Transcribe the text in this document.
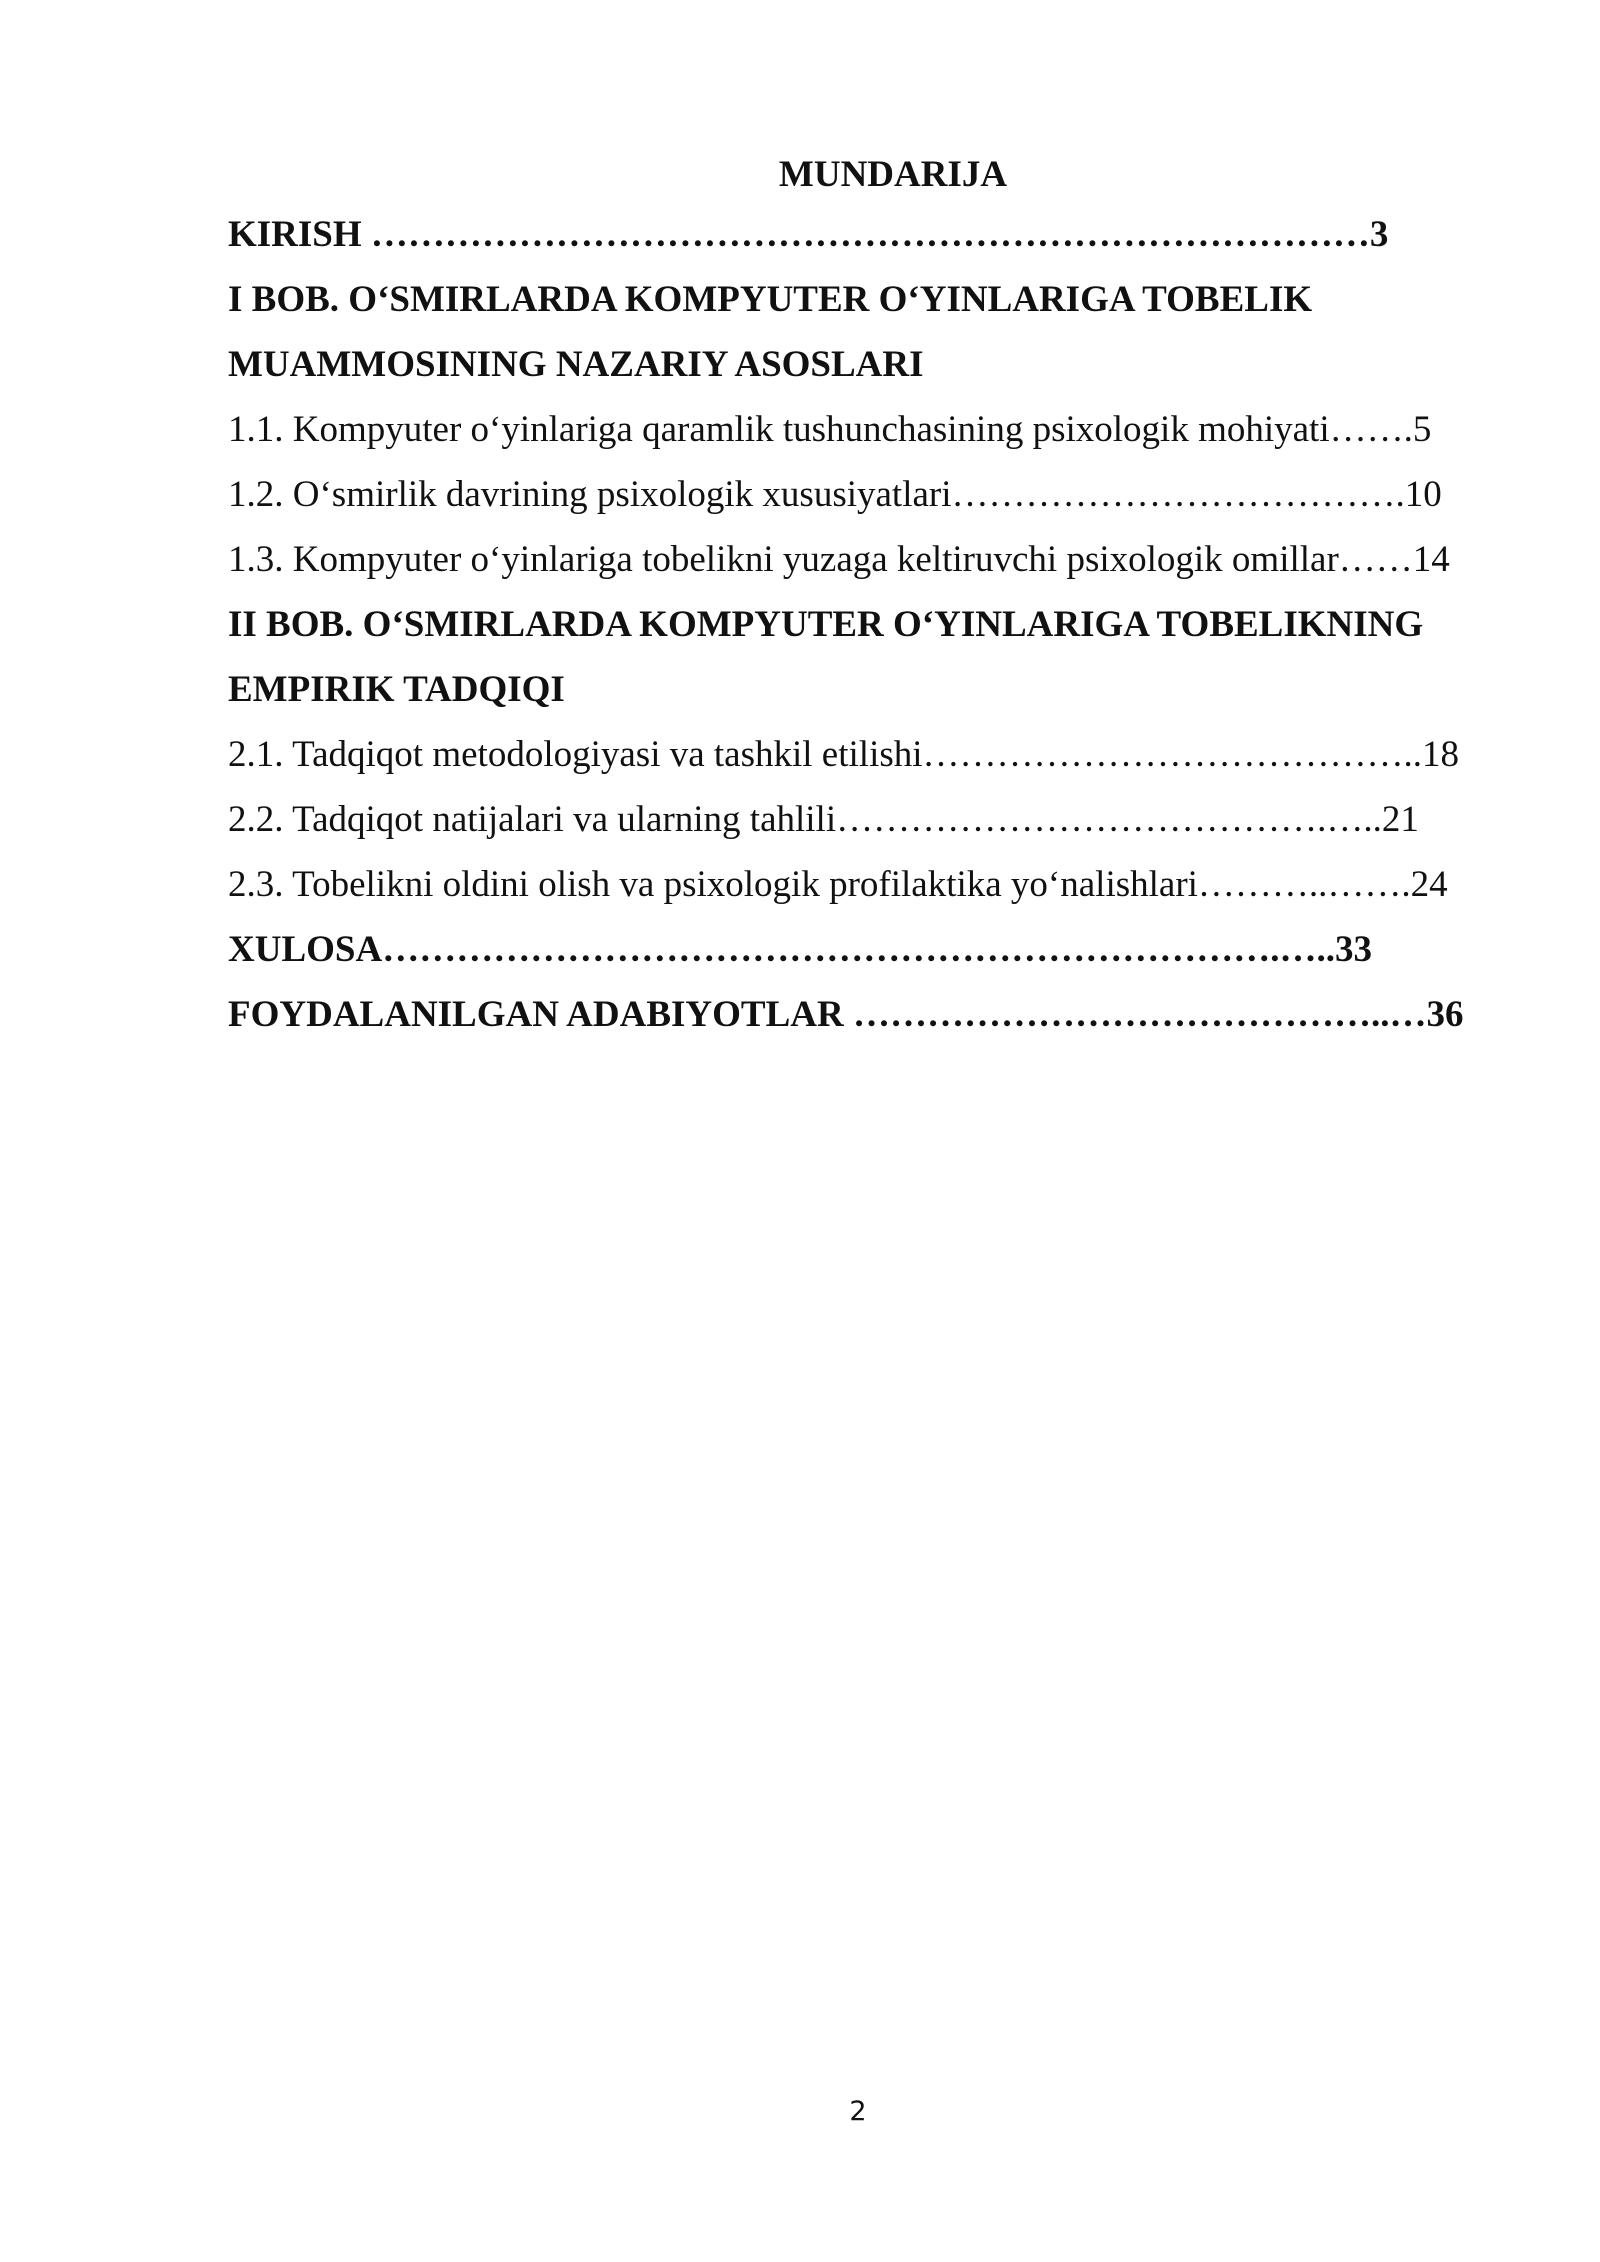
MUNDARIJA
KIRISH ………………………………………………………………………3
I BOB. O‘SMIRLARDA KOMPYUTER O‘YINLARIGA TOBELIK
MUAMMOSINING NAZARIY ASOSLARI
1.1. Kompyuter o‘yinlariga qaramlik tushunchasining psixologik mohiyati…….5
1.2. O‘smirlik davrining psixologik xususiyatlari……………………………….10
1.3. Kompyuter o‘yinlariga tobelikni yuzaga keltiruvchi psixologik omillar……14
II BOB. O‘SMIRLARDA KOMPYUTER O‘YINLARIGA TOBELIKNING
EMPIRIK TADQIQI
2.1. Tadqiqot metodologiyasi va tashkil etilishi…………………………………..18
2.2. Tadqiqot natijalari va ularning tahlili………………………………….…..21
2.3. Tobelikni oldini olish va psixologik profilaktika yo‘nalishlari………..…….24
XULOSA……………………………………………………………….…..33
FOYDALANILGAN ADABIYOTLAR ……………………………………..…36
2
